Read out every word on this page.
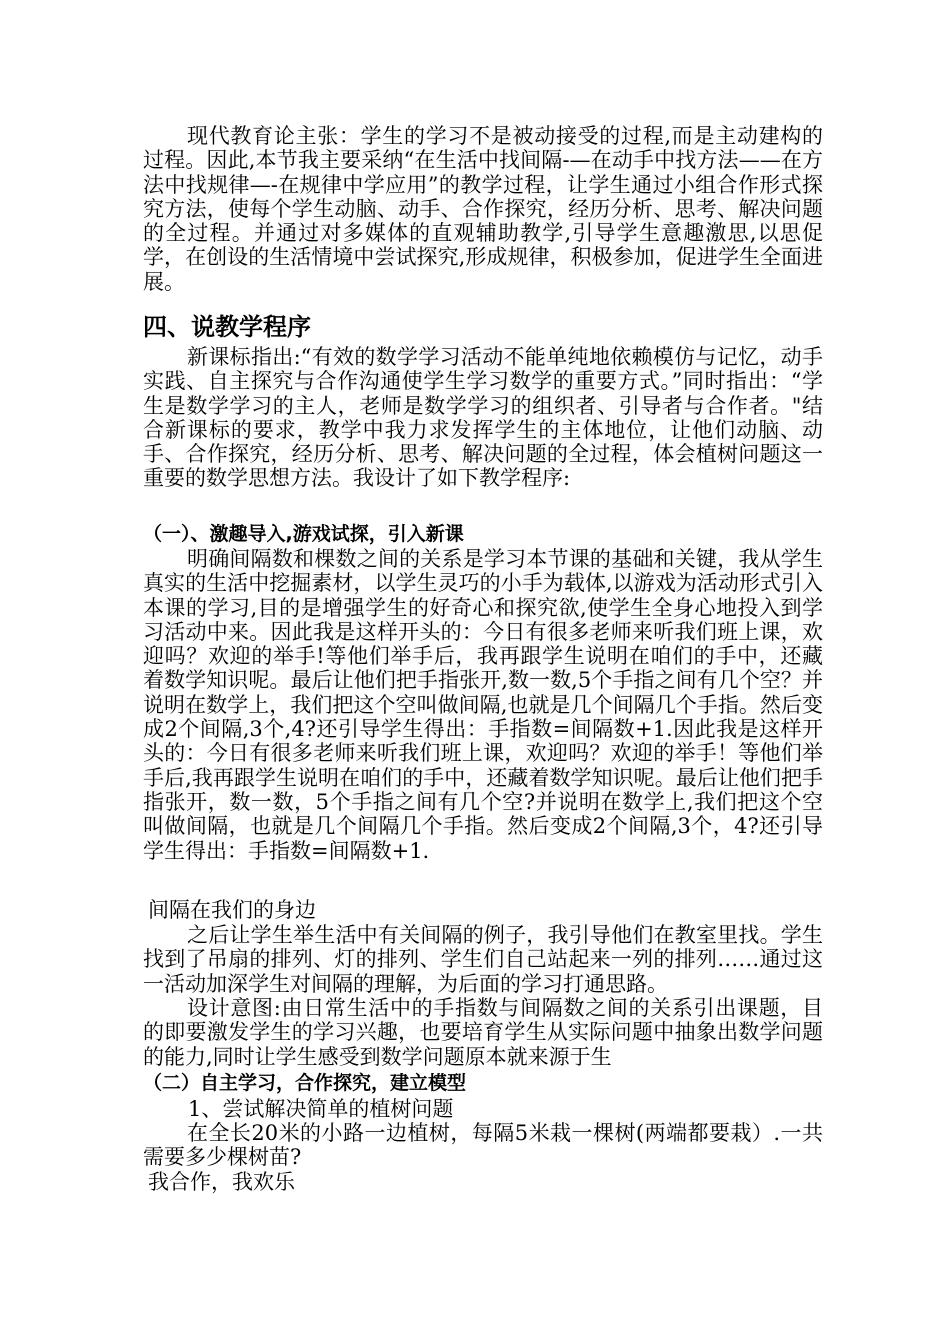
现代教育论主张：学生的学习不是被动接受的过程,而是主动建构的过程。因此,本节我主要采纳“在生活中找间隔-—在动手中找方法——在方法中找规律—-在规律中学应用”的教学过程，让学生通过小组合作形式探究方法，使每个学生动脑、动手、合作探究，经历分析、思考、解决问题的全过程。并通过对多媒体的直观辅助教学,引导学生意趣激思,以思促学，在创设的生活情境中尝试探究,形成规律，积极参加，促进学生全面进展。
四、说教学程序
新课标指出:“有效的数学学习活动不能单纯地依赖模仿与记忆，动手实践、自主探究与合作沟通使学生学习数学的重要方式。”同时指出：“学生是数学学习的主人，老师是数学学习的组织者、引导者与合作者。"结合新课标的要求，教学中我力求发挥学生的主体地位，让他们动脑、动手、合作探究，经历分析、思考、解决问题的全过程，体会植树问题这一重要的数学思想方法。我设计了如下教学程序:
（一）、激趣导入,游戏试探，引入新课
明确间隔数和棵数之间的关系是学习本节课的基础和关键，我从学生真实的生活中挖掘素材，以学生灵巧的小手为载体,以游戏为活动形式引入本课的学习,目的是增强学生的好奇心和探究欲,使学生全身心地投入到学习活动中来。因此我是这样开头的：今日有很多老师来听我们班上课，欢迎吗？欢迎的举手!等他们举手后，我再跟学生说明在咱们的手中，还藏着数学知识呢。最后让他们把手指张开,数一数,5个手指之间有几个空？并说明在数学上，我们把这个空叫做间隔,也就是几个间隔几个手指。然后变成2个间隔,3个,4?还引导学生得出：手指数=间隔数+1.因此我是这样开头的：今日有很多老师来听我们班上课，欢迎吗？欢迎的举手！等他们举手后,我再跟学生说明在咱们的手中，还藏着数学知识呢。最后让他们把手指张开，数一数，5个手指之间有几个空?并说明在数学上,我们把这个空叫做间隔，也就是几个间隔几个手指。然后变成2个间隔,3个，4?还引导学生得出：手指数=间隔数+1.
间隔在我们的身边
之后让学生举生活中有关间隔的例子，我引导他们在教室里找。学生找到了吊扇的排列、灯的排列、学生们自己站起来一列的排列……通过这一活动加深学生对间隔的理解，为后面的学习打通思路。
设计意图:由日常生活中的手指数与间隔数之间的关系引出课题，目的即要激发学生的学习兴趣，也要培育学生从实际问题中抽象出数学问题的能力,同时让学生感受到数学问题原本就来源于生
（二）自主学习，合作探究，建立模型
1、尝试解决简单的植树问题
在全长20米的小路一边植树，每隔5米栽一棵树(两端都要栽）.一共需要多少棵树苗?
我合作，我欢乐
